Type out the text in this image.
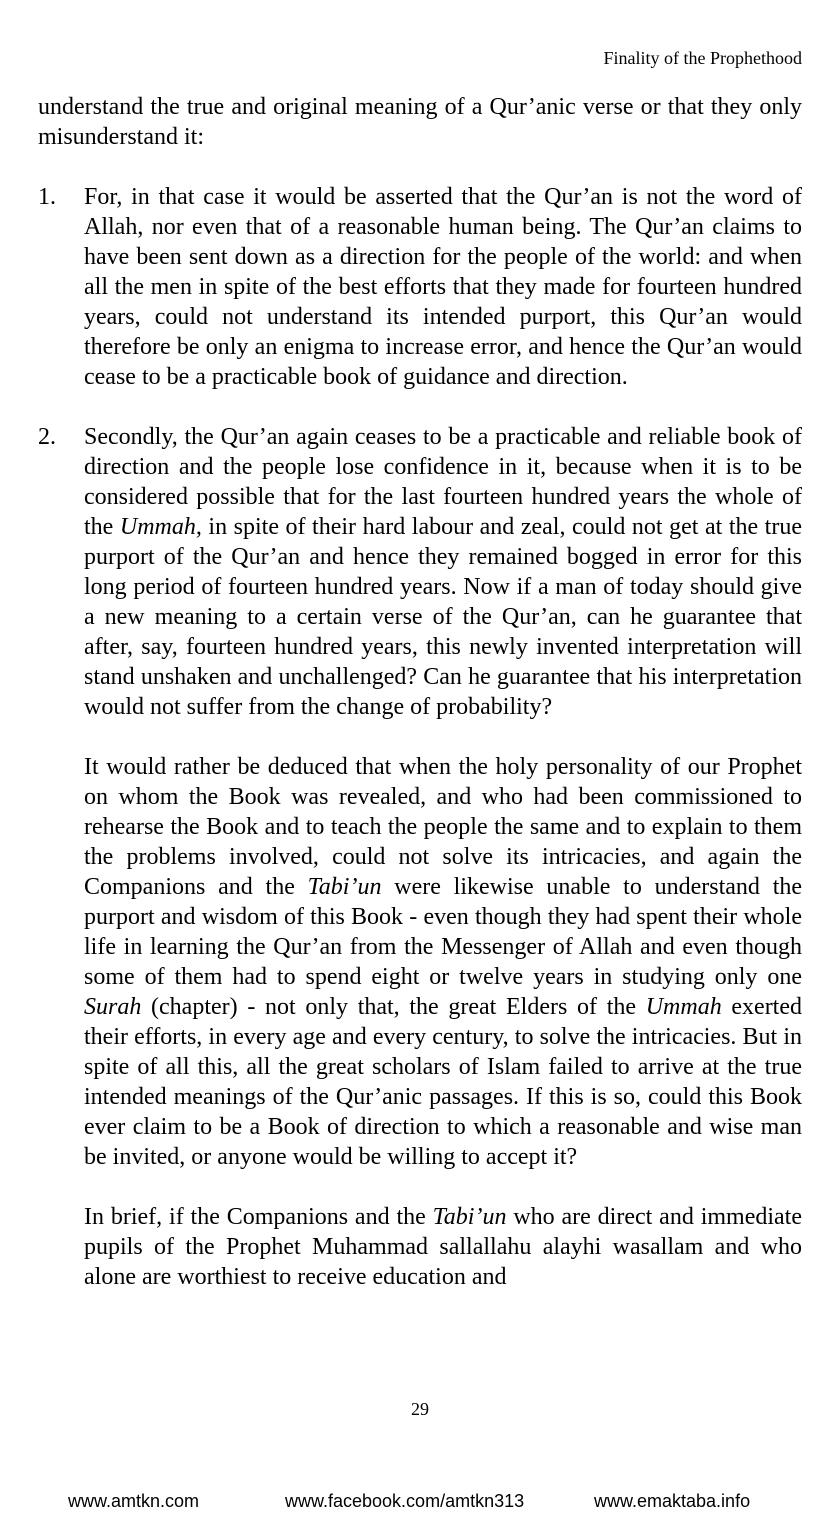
Finality of the Prophethood

understand the true and original meaning of a Qur’anic verse or that they only misunderstand it:

1. For, in that case it would be asserted that the Qur’an is not the word of Allah, nor even that of a reasonable human being. The Qur’an claims to have been sent down as a direction for the people of the world: and when all the men in spite of the best efforts that they made for fourteen hundred years, could not understand its intended purport, this Qur’an would therefore be only an enigma to increase error, and hence the Qur’an would cease to be a practicable book of guidance and direction.

2. Secondly, the Qur’an again ceases to be a practicable and reliable book of direction and the people lose confidence in it, because when it is to be considered possible that for the last fourteen hundred years the whole of the Ummah, in spite of their hard labour and zeal, could not get at the true purport of the Qur’an and hence they remained bogged in error for this long period of fourteen hundred years. Now if a man of today should give a new meaning to a certain verse of the Qur’an, can he guarantee that after, say, fourteen hundred years, this newly invented interpretation will stand unshaken and unchallenged? Can he guarantee that his interpretation would not suffer from the change of probability?

It would rather be deduced that when the holy personality of our Prophet on whom the Book was revealed, and who had been commissioned to rehearse the Book and to teach the people the same and to explain to them the problems involved, could not solve its intricacies, and again the Companions and the Tabi’un were likewise unable to understand the purport and wisdom of this Book - even though they had spent their whole life in learning the Qur’an from the Messenger of Allah and even though some of them had to spend eight or twelve years in studying only one Surah (chapter) - not only that, the great Elders of the Ummah exerted their efforts, in every age and every century, to solve the intricacies. But in spite of all this, all the great scholars of Islam failed to arrive at the true intended meanings of the Qur’anic passages. If this is so, could this Book ever claim to be a Book of direction to which a reasonable and wise man be invited, or anyone would be willing to accept it?

In brief, if the Companions and the Tabi’un who are direct and immediate pupils of the Prophet Muhammad sallallahu alayhi wasallam and who alone are worthiest to receive education and

29
www.amtkn.com	www.facebook.com/amtkn313	www.emaktaba.info
